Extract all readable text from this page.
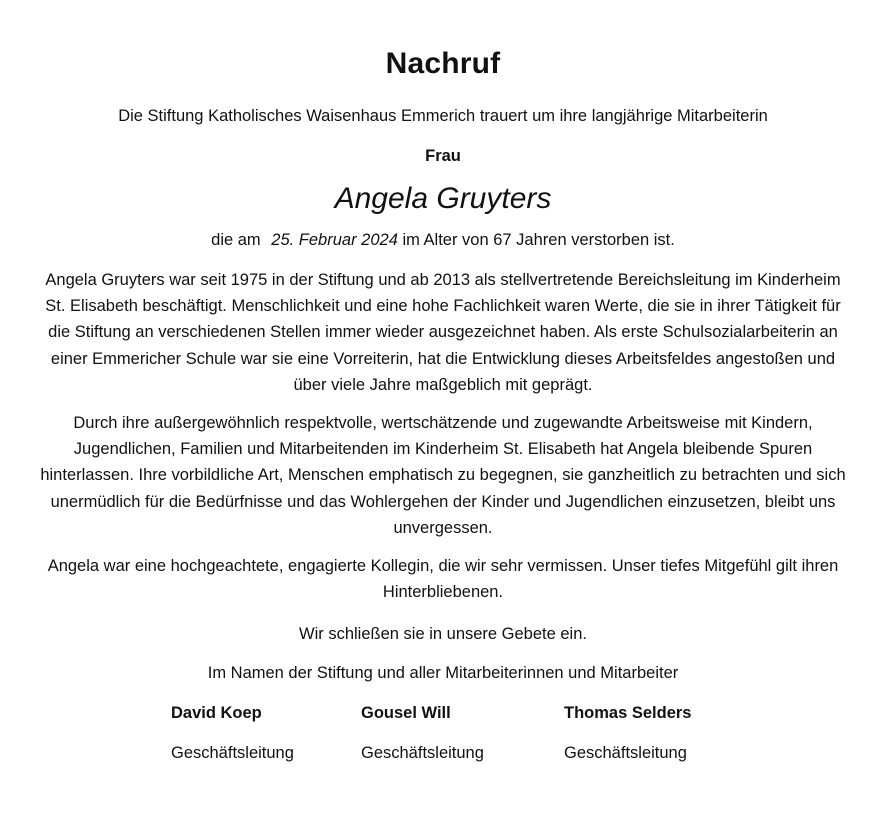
Nachruf

Die Stiftung Katholisches Waisenhaus Emmerich trauert um ihre langjährige Mitarbeiterin

Frau

Angela Gruyters

die am 25. Februar 2024 im Alter von 67 Jahren verstorben ist.

Angela Gruyters war seit 1975 in der Stiftung und ab 2013 als stellvertretende Bereichsleitung im Kinderheim St. Elisabeth beschäftigt. Menschlichkeit und eine hohe Fachlichkeit waren Werte, die sie in ihrer Tätigkeit für die Stiftung an verschiedenen Stellen immer wieder ausgezeichnet haben. Als erste Schulsozialarbeiterin an einer Emmericher Schule war sie eine Vorreiterin, hat die Entwicklung dieses Arbeitsfeldes angestoßen und über viele Jahre maßgeblich mit geprägt.

Durch ihre außergewöhnlich respektvolle, wertschätzende und zugewandte Arbeitsweise mit Kindern, Jugendlichen, Familien und Mitarbeitenden im Kinderheim St. Elisabeth hat Angela bleibende Spuren hinterlassen. Ihre vorbildliche Art, Menschen emphatisch zu begegnen, sie ganzheitlich zu betrachten und sich unermüdlich für die Bedürfnisse und das Wohlergehen der Kinder und Jugendlichen einzusetzen, bleibt uns unvergessen.

Angela war eine hochgeachtete, engagierte Kollegin, die wir sehr vermissen. Unser tiefes Mitgefühl gilt ihren Hinterbliebenen.

Wir schließen sie in unsere Gebete ein.

Im Namen der Stiftung und aller Mitarbeiterinnen und Mitarbeiter

David Koep
Geschäftsleitung
Gousel Will
Geschäftsleitung
Thomas Selders
Geschäftsleitung
